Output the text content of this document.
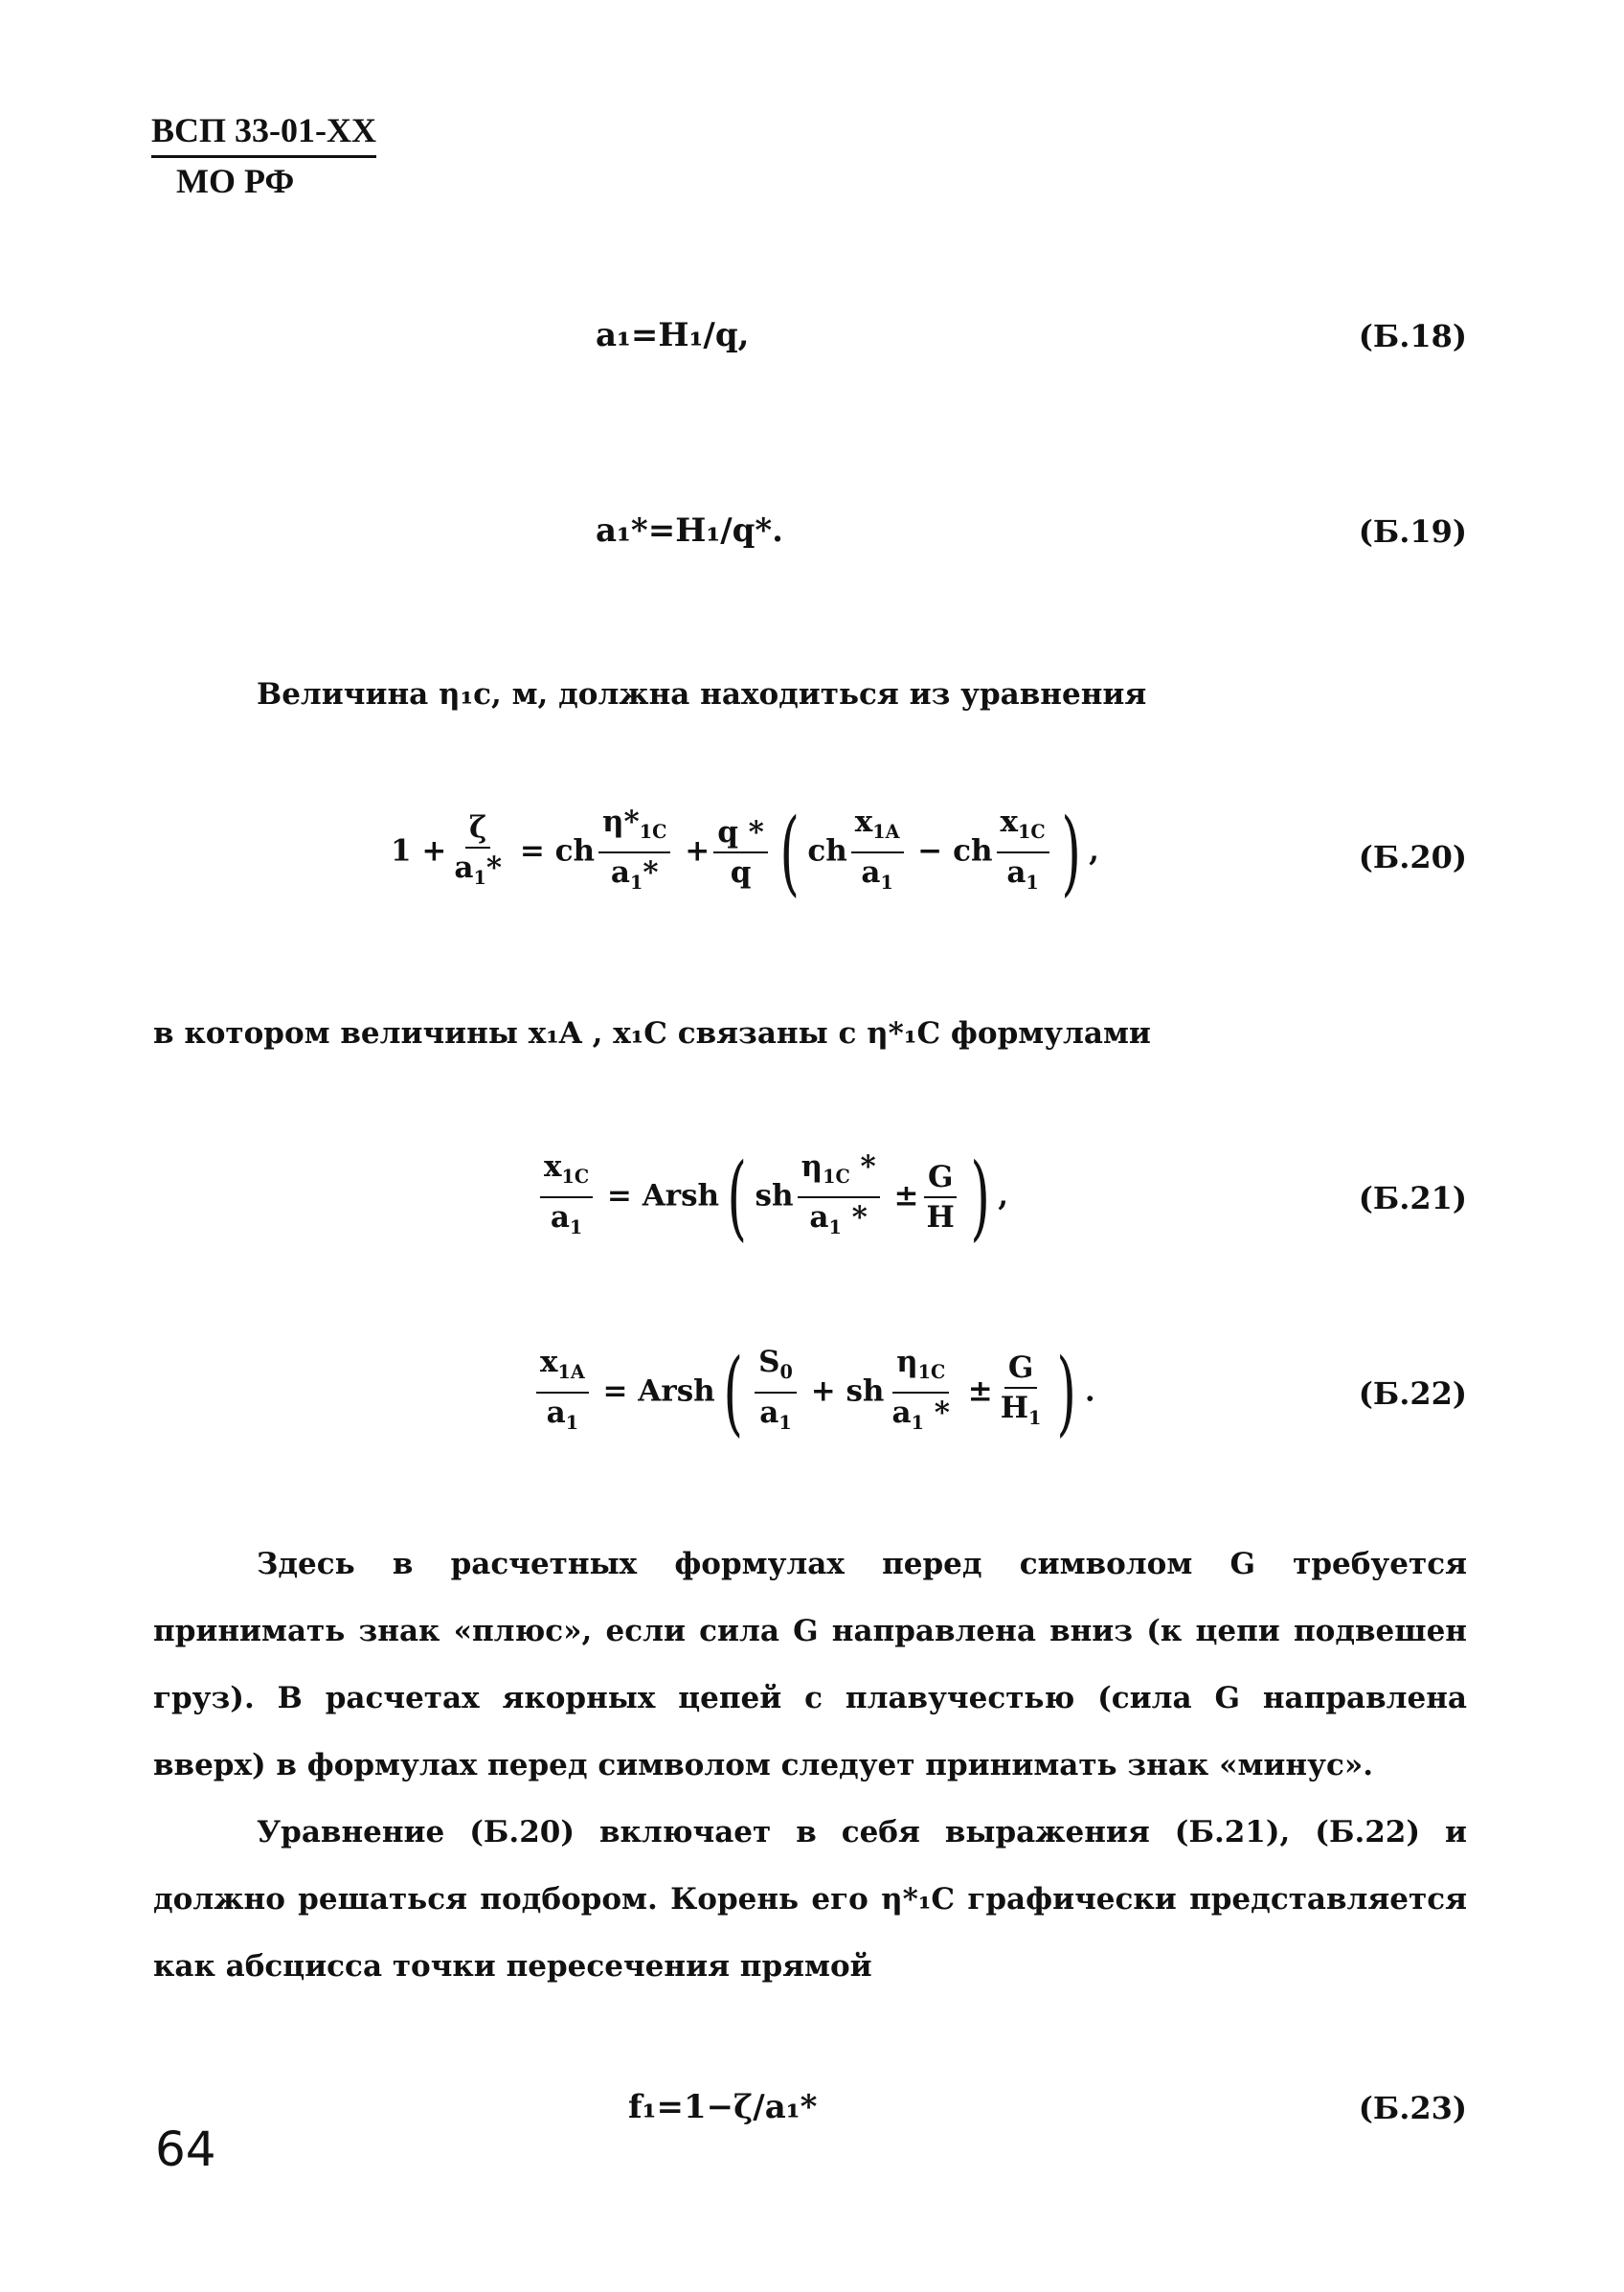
ВСП 33-01-ХХ
МО РФ
a₁=H₁/q,	(Б.18)
a₁*=H₁/q*.	(Б.19)

Величина η₁c, м, должна находиться из уравнения

$1 + \frac{\zeta}{a_1*}$ = ch $\frac{\eta*_{1C}}{a_1*} + \frac{q *}{q}$ ( ch $\frac{x_{1A}}{a_1}$ − ch $\frac{x_{1C}}{a_1}$ ) ,	(Б.20)

в котором величины x₁A , x₁C связаны с η*₁C формулами

$\frac{x_{1C}}{a_1}$ = Arsh( sh $\frac{\eta_{1C} *}{a_1 *} \pm \frac{G}{H}$ ) ,	(Б.21)
$\frac{x_{1A}}{a_1}$ = Arsh( $\frac{S_0}{a_1}$ + sh $\frac{\eta_{1C}}{a_1 *} \pm \frac{G}{H_1}$ ) .	(Б.22)

Здесь в расчетных формулах перед символом G требуется принимать знак «плюс», если сила G направлена вниз (к цепи подвешен груз). В расчетах якорных цепей с плавучестью (сила G направлена вверх) в формулах перед символом следует принимать знак «минус».

Уравнение (Б.20) включает в себя выражения (Б.21), (Б.22) и должно решаться подбором. Корень его η*₁C графически представляется как абсцисса точки пересечения прямой

f₁=1−ζ/a₁*	(Б.23)
64
